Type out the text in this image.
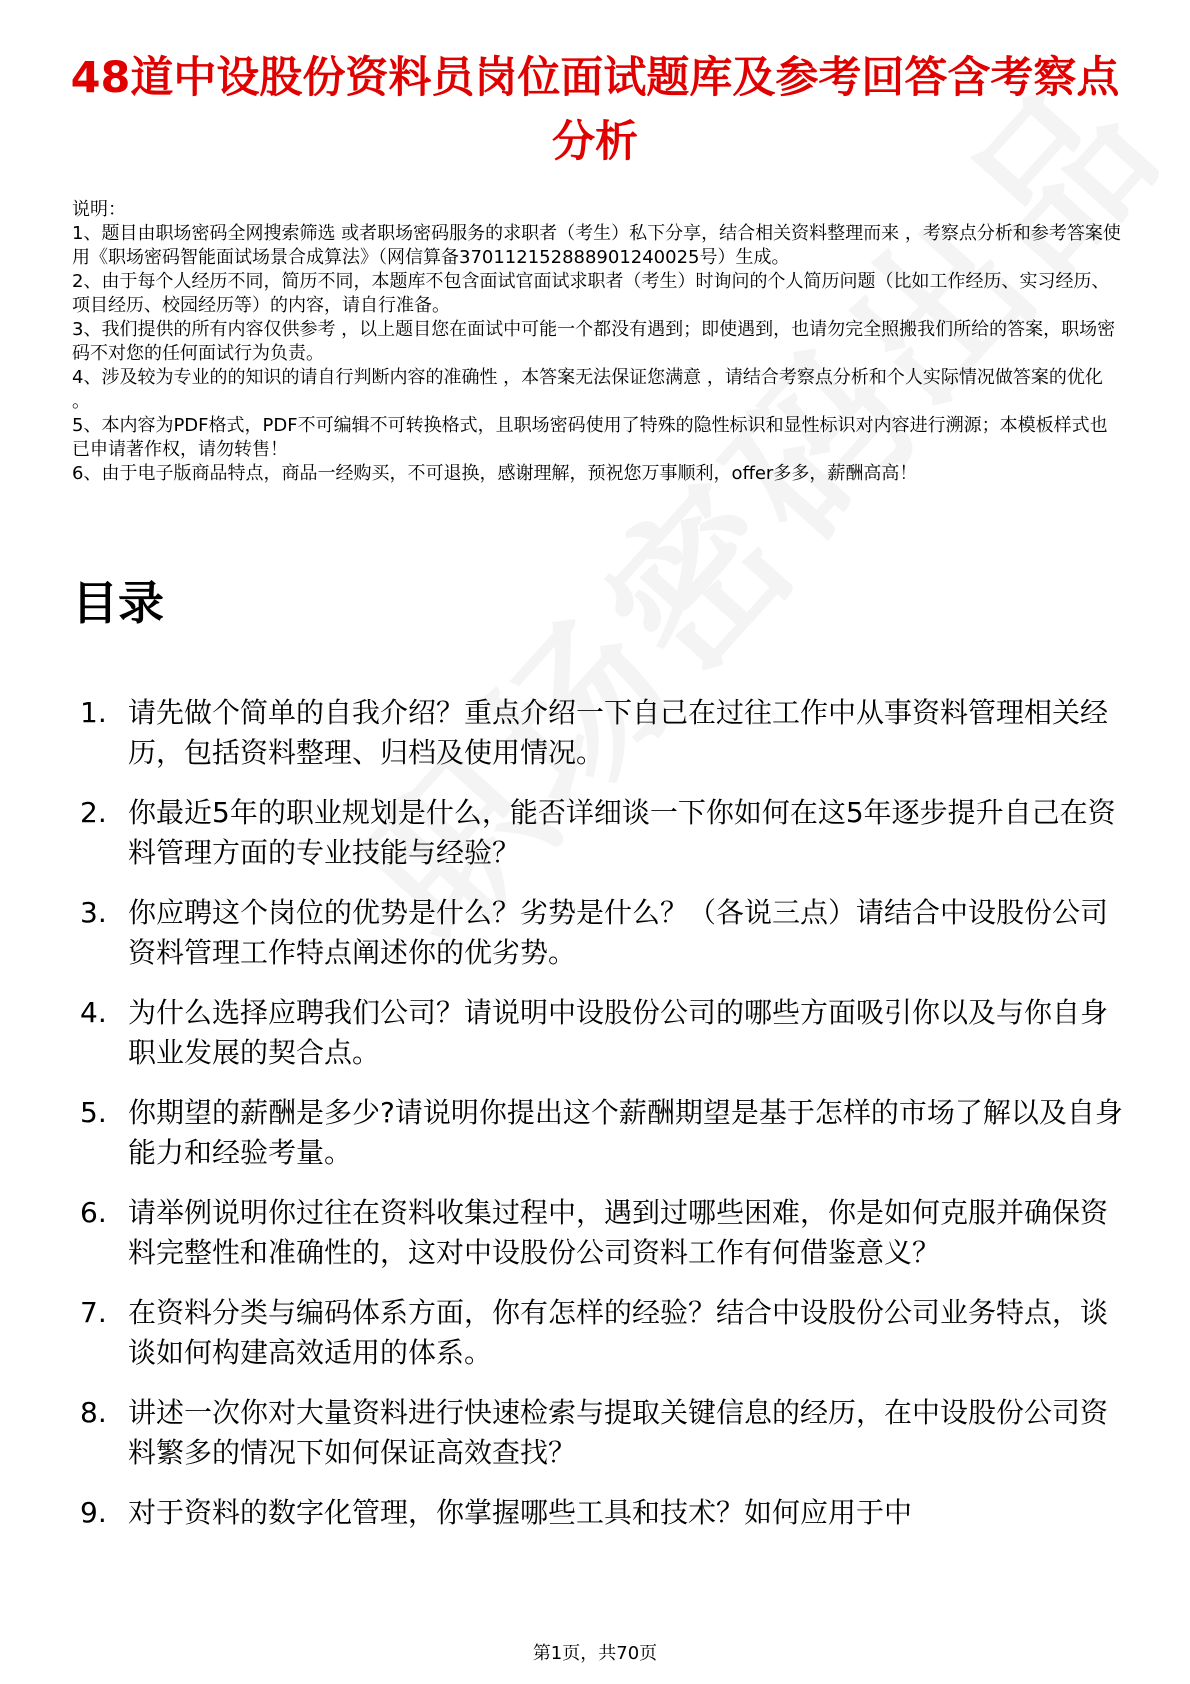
48道中设股份资料员岗位面试题库及参考回答含考察点分析

说明：

1、题目由职场密码全网搜索筛选 或者职场密码服务的求职者（考生）私下分享，结合相关资料整理而来 ，考察点分析和参考答案使用《职场密码智能面试场景合成算法》（网信算备370112152888901240025号）生成。

2、由于每个人经历不同，简历不同，本题库不包含面试官面试求职者（考生）时询问的个人简历问题（比如工作经历、实习经历、项目经历、校园经历等）的内容，请自行准备。

3、我们提供的所有内容仅供参考 ，以上题目您在面试中可能一个都没有遇到；即使遇到，也请勿完全照搬我们所给的答案，职场密码不对您的任何面试行为负责。

4、涉及较为专业的的知识的请自行判断内容的准确性 ，本答案无法保证您满意 ，请结合考察点分析和个人实际情况做答案的优化 。

5、本内容为PDF格式，PDF不可编辑不可转换格式，且职场密码使用了特殊的隐性标识和显性标识对内容进行溯源；本模板样式也已申请著作权，请勿转售！

6、由于电子版商品特点，商品一经购买，不可退换，感谢理解，预祝您万事顺利，offer多多，薪酬高高！

目录
1. 请先做个简单的自我介绍？重点介绍一下自己在过往工作中从事资料管理相关经历，包括资料整理、归档及使用情况。
2. 你最近5年的职业规划是什么，能否详细谈一下你如何在这5年逐步提升自己在资料管理方面的专业技能与经验？
3. 你应聘这个岗位的优势是什么？劣势是什么？（各说三点）请结合中设股份公司资料管理工作特点阐述你的优劣势。
4. 为什么选择应聘我们公司？请说明中设股份公司的哪些方面吸引你以及与你自身职业发展的契合点。
5. 你期望的薪酬是多少?请说明你提出这个薪酬期望是基于怎样的市场了解以及自身能力和经验考量。
6. 请举例说明你过往在资料收集过程中，遇到过哪些困难，你是如何克服并确保资料完整性和准确性的，这对中设股份公司资料工作有何借鉴意义？
7. 在资料分类与编码体系方面，你有怎样的经验？结合中设股份公司业务特点，谈谈如何构建高效适用的体系。
8. 讲述一次你对大量资料进行快速检索与提取关键信息的经历，在中设股份公司资料繁多的情况下如何保证高效查找？
9. 对于资料的数字化管理，你掌握哪些工具和技术？如何应用于中
第1页，共70页
